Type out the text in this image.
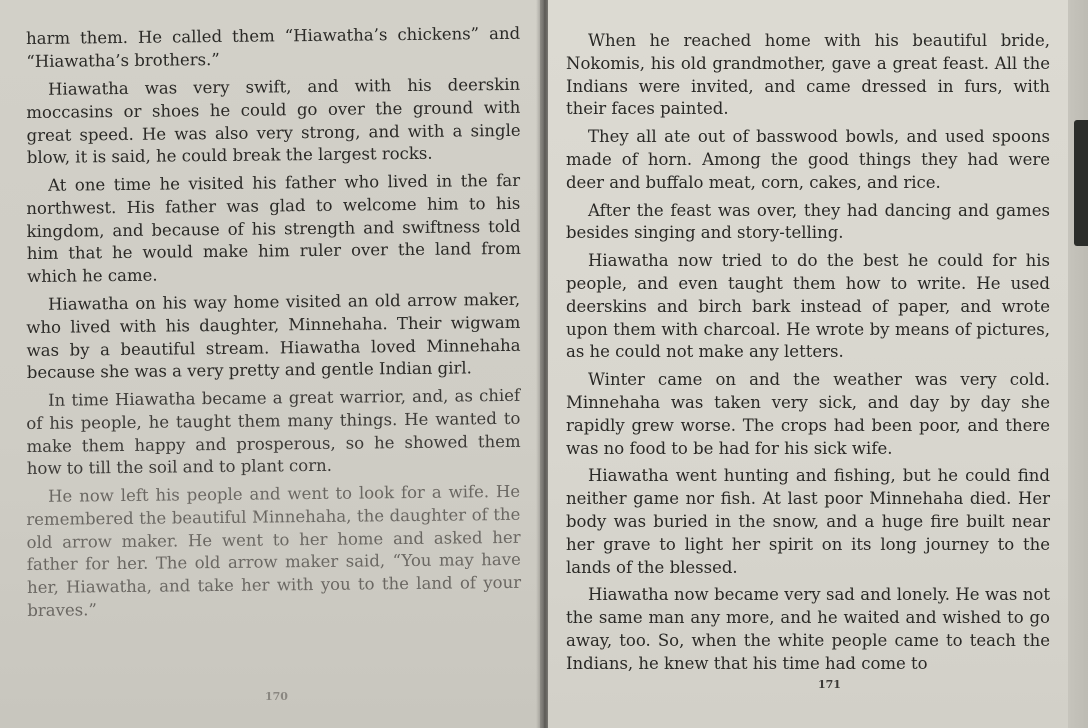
harm them. He called them “Hiawatha’s chickens” and “Hiawatha’s brothers.”

Hiawatha was very swift, and with his deerskin moccasins or shoes he could go over the ground with great speed. He was also very strong, and with a single blow, it is said, he could break the largest rocks.

At one time he visited his father who lived in the far northwest. His father was glad to welcome him to his kingdom, and because of his strength and swiftness told him that he would make him ruler over the land from which he came.

Hiawatha on his way home visited an old arrow maker, who lived with his daughter, Minnehaha. Their wigwam was by a beautiful stream. Hiawatha loved Minnehaha because she was a very pretty and gentle Indian girl.

In time Hiawatha became a great warrior, and, as chief of his people, he taught them many things. He wanted to make them happy and prosperous, so he showed them how to till the soil and to plant corn.

He now left his people and went to look for a wife. He remembered the beautiful Minnehaha, the daughter of the old arrow maker. He went to her home and asked her father for her. The old arrow maker said, “You may have her, Hiawatha, and take her with you to the land of your braves.”

170

When he reached home with his beautiful bride, Nokomis, his old grandmother, gave a great feast. All the Indians were invited, and came dressed in furs, with their faces painted.

They all ate out of basswood bowls, and used spoons made of horn. Among the good things they had were deer and buffalo meat, corn, cakes, and rice.

After the feast was over, they had dancing and games besides singing and story-telling.

Hiawatha now tried to do the best he could for his people, and even taught them how to write. He used deerskins and birch bark instead of paper, and wrote upon them with charcoal. He wrote by means of pictures, as he could not make any letters.

Winter came on and the weather was very cold. Minnehaha was taken very sick, and day by day she rapidly grew worse. The crops had been poor, and there was no food to be had for his sick wife.

Hiawatha went hunting and fishing, but he could find neither game nor fish. At last poor Minnehaha died. Her body was buried in the snow, and a huge fire built near her grave to light her spirit on its long journey to the lands of the blessed.

Hiawatha now became very sad and lonely. He was not the same man any more, and he waited and wished to go away, too. So, when the white people came to teach the Indians, he knew that his time had come to

171
